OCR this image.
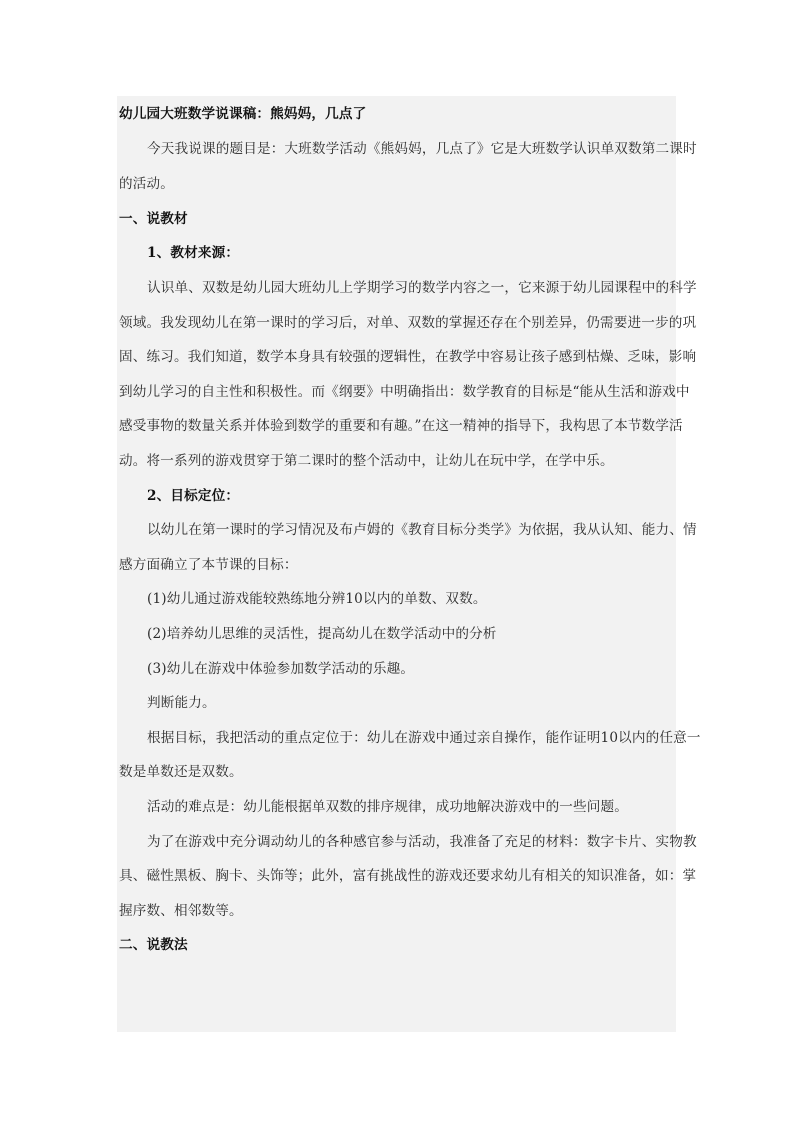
幼儿园大班数学说课稿：熊妈妈，几点了
今天我说课的题目是：大班数学活动《熊妈妈，几点了》它是大班数学认识单双数第二课时
的活动。
一、说教材
1、教材来源：
认识单、双数是幼儿园大班幼儿上学期学习的数学内容之一，它来源于幼儿园课程中的科学
领域。我发现幼儿在第一课时的学习后，对单、双数的掌握还存在个别差异，仍需要进一步的巩
固、练习。我们知道，数学本身具有较强的逻辑性，在教学中容易让孩子感到枯燥、乏味，影响
到幼儿学习的自主性和积极性。而《纲要》中明确指出：数学教育的目标是“能从生活和游戏中
感受事物的数量关系并体验到数学的重要和有趣。”在这一精神的指导下，我构思了本节数学活
动。将一系列的游戏贯穿于第二课时的整个活动中，让幼儿在玩中学，在学中乐。
2、目标定位：
以幼儿在第一课时的学习情况及布卢姆的《教育目标分类学》为依据，我从认知、能力、情
感方面确立了本节课的目标：
(1)幼儿通过游戏能较熟练地分辨10以内的单数、双数。
(2)培养幼儿思维的灵活性，提高幼儿在数学活动中的分析
(3)幼儿在游戏中体验参加数学活动的乐趣。
判断能力。
根据目标，我把活动的重点定位于：幼儿在游戏中通过亲自操作，能作证明10以内的任意一
数是单数还是双数。
活动的难点是：幼儿能根据单双数的排序规律，成功地解决游戏中的一些问题。
为了在游戏中充分调动幼儿的各种感官参与活动，我准备了充足的材料：数字卡片、实物教
具、磁性黑板、胸卡、头饰等；此外，富有挑战性的游戏还要求幼儿有相关的知识准备，如：掌
握序数、相邻数等。
二、说教法
